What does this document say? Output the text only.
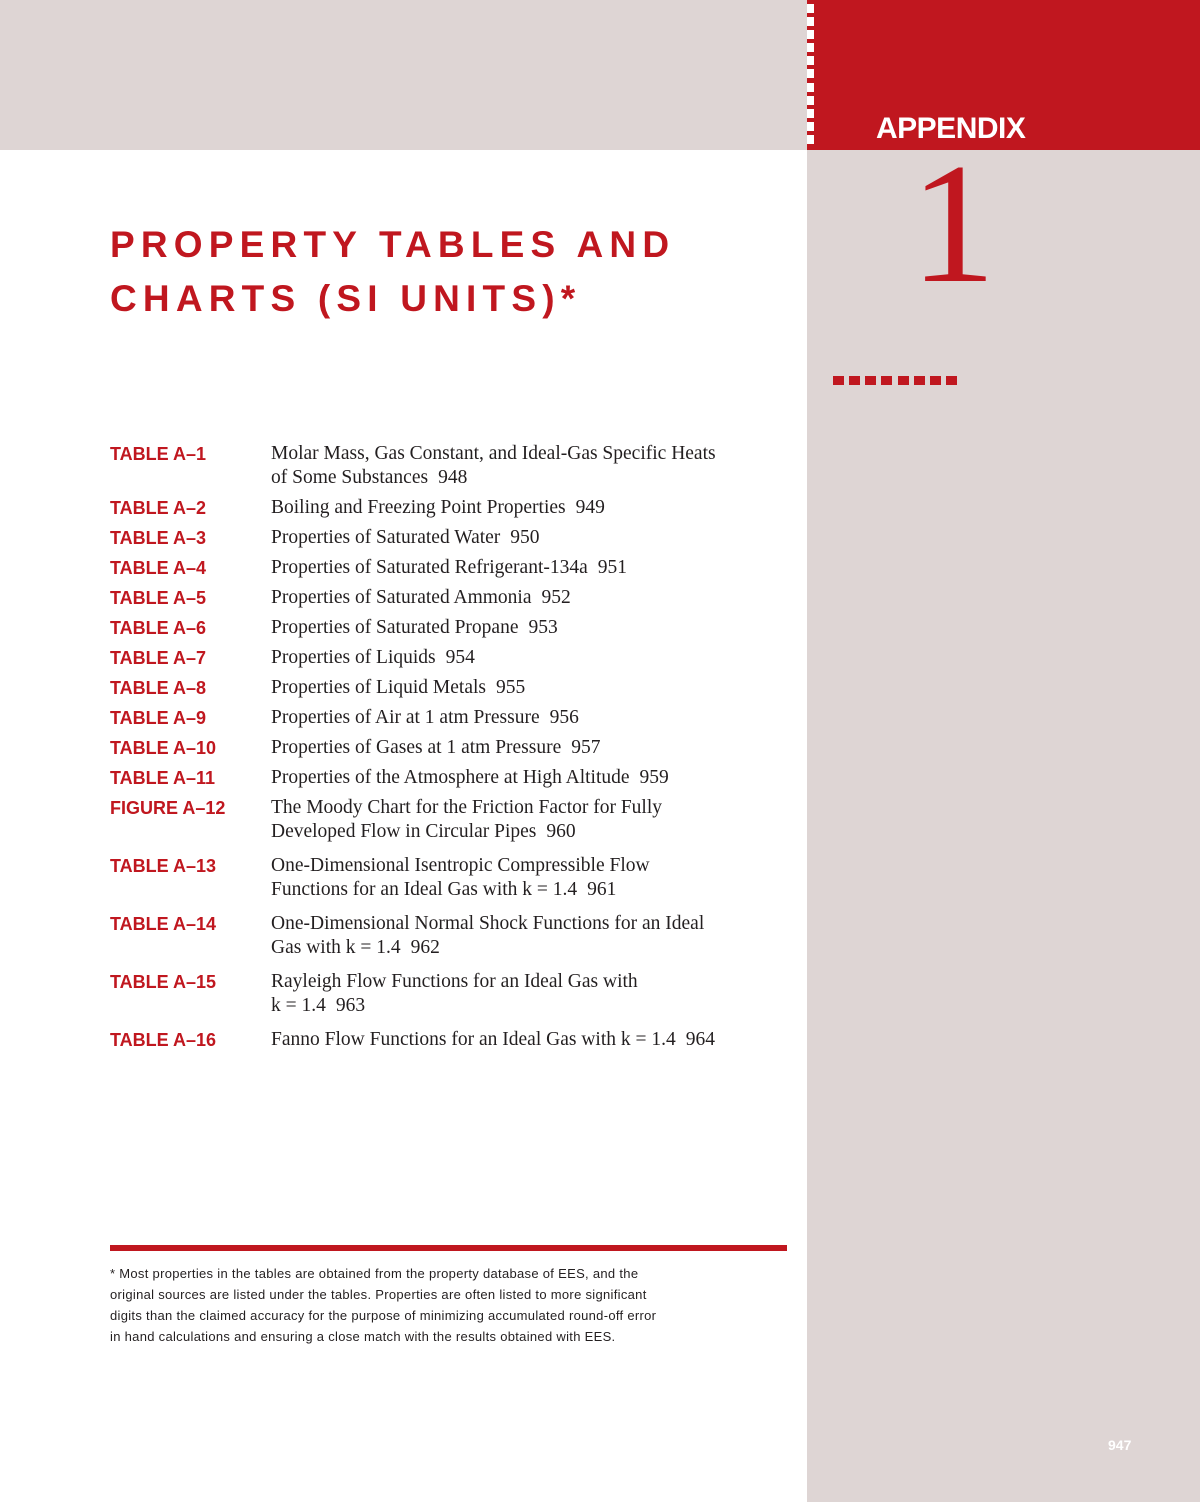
APPENDIX
1
PROPERTY TABLES AND
CHARTS (SI UNITS)*
TABLE A–1	Molar Mass, Gas Constant, and Ideal-Gas Specific Heats
of Some Substances 948
TABLE A–2	Boiling and Freezing Point Properties 949
TABLE A–3	Properties of Saturated Water 950
TABLE A–4	Properties of Saturated Refrigerant-134a 951
TABLE A–5	Properties of Saturated Ammonia 952
TABLE A–6	Properties of Saturated Propane 953
TABLE A–7	Properties of Liquids 954
TABLE A–8	Properties of Liquid Metals 955
TABLE A–9	Properties of Air at 1 atm Pressure 956
TABLE A–10	Properties of Gases at 1 atm Pressure 957
TABLE A–11	Properties of the Atmosphere at High Altitude 959
FIGURE A–12	The Moody Chart for the Friction Factor for Fully
Developed Flow in Circular Pipes 960
TABLE A–13	One-Dimensional Isentropic Compressible Flow
Functions for an Ideal Gas with k = 1.4 961
TABLE A–14	One-Dimensional Normal Shock Functions for an Ideal
Gas with k = 1.4 962
TABLE A–15	Rayleigh Flow Functions for an Ideal Gas with
k = 1.4 963
TABLE A–16	Fanno Flow Functions for an Ideal Gas with k = 1.4 964
* Most properties in the tables are obtained from the property database of EES, and the
original sources are listed under the tables. Properties are often listed to more significant
digits than the claimed accuracy for the purpose of minimizing accumulated round-off error
in hand calculations and ensuring a close match with the results obtained with EES.
947
